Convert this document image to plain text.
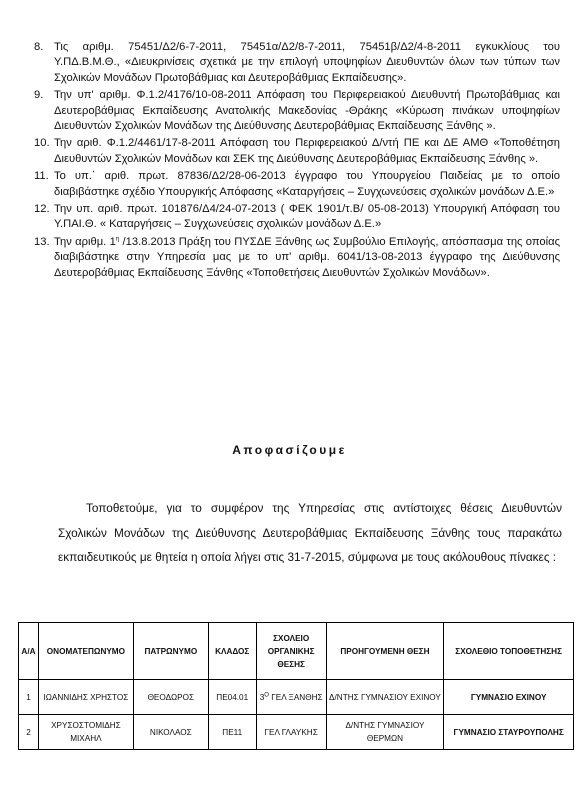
8. Τις αριθμ. 75451/Δ2/6-7-2011, 75451α/Δ2/8-7-2011, 75451β/Δ2/4-8-2011 εγκυκλίους του Υ.ΠΔ.Β.Μ.Θ., «Διευκρινίσεις σχετικά με την επιλογή υποψηφίων Διευθυντών όλων των τύπων των Σχολικών Μονάδων Πρωτοβάθμιας και Δευτεροβάθμιας Εκπαίδευσης».
9. Την υπ' αριθμ. Φ.1.2/4176/10-08-2011 Απόφαση του Περιφερειακού Διευθυντή Πρωτοβάθμιας και Δευτεροβάθμιας Εκπαίδευσης Ανατολικής Μακεδονίας -Θράκης «Κύρωση πινάκων υποψηφίων Διευθυντών Σχολικών Μονάδων της Διεύθυνσης Δευτεροβάθμιας Εκπαίδευσης Ξάνθης ».
10. Την αριθ. Φ.1.2/4461/17-8-2011 Απόφαση του Περιφερειακού Δ/ντή ΠΕ και ΔΕ ΑΜΘ «Τοποθέτηση Διευθυντών Σχολικών Μονάδων και ΣΕΚ της Διεύθυνσης Δευτεροβάθμιας Εκπαίδευσης Ξάνθης ».
11. Το υπ.΄ αριθ. πρωτ. 87836/Δ2/28-06-2013 έγγραφο του Υπουργείου Παιδείας με το οποίο διαβιβάστηκε σχέδιο Υπουργικής Απόφασης «Καταργήσεις – Συγχωνεύσεις σχολικών μονάδων Δ.Ε.»
12. Την υπ. αριθ. πρωτ. 101876/Δ4/24-07-2013 ( ΦΕΚ 1901/τ.Β/ 05-08-2013) Υπουργική Απόφαση του Υ.ΠΑΙ.Θ. « Καταργήσεις – Συγχωνεύσεις σχολικών μονάδων Δ.Ε.»
13. Την αριθμ. $1^\eta$ /13.8.2013 Πράξη του ΠΥΣΔΕ Ξάνθης ως Συμβούλιο Επιλογής, απόσπασμα της οποίας διαβιβάστηκε στην Υπηρεσία μας με το υπ' αριθμ. 6041/13-08-2013 έγγραφο της Διεύθυνσης Δευτεροβάθμιας Εκπαίδευσης Ξάνθης «Τοποθετήσεις Διευθυντών Σχολικών Μονάδων».
Αποφασίζουμε
Τοποθετούμε, για το συμφέρον της Υπηρεσίας στις αντίστοιχες θέσεις Διευθυντών Σχολικών Μονάδων της Διεύθυνσης Δευτεροβάθμιας Εκπαίδευσης Ξάνθης τους παρακάτω εκπαιδευτικούς με θητεία η οποία λήγει στις 31-7-2015, σύμφωνα με τους ακόλουθους πίνακες :
Α/Α	ΟΝΟΜΑΤΕΠΩΝΥΜΟ	ΠΑΤΡΩΝΥΜΟ	ΚΛΑΔΟΣ	ΣΧΟΛΕΙΟ ΟΡΓΑΝΙΚΗΣ ΘΕΣΗΣ	ΠΡΟΗΓΟΥΜΕΝΗ ΘΕΣΗ	ΣΧΟΛΕΘΙΟ ΤΟΠΟΘΕΤΗΣΗΣ
1	ΙΩΑΝΝΙΔΗΣ ΧΡΗΣΤΟΣ	ΘΕΟΔΩΡΟΣ	ΠΕ04.01	$3^O$ ΓΕΛ ΞΑΝΘΗΣ	Δ/ΝΤΗΣ ΓΥΜΝΑΣΙΟΥ ΕΧΙΝΟΥ	ΓΥΜΝΑΣΙΟ ΕΧΙΝΟΥ
2	ΧΡΥΣΟΣΤΟΜΙΔΗΣ ΜΙΧΑΗΛ	ΝΙΚΟΛΑΟΣ	ΠΕ11	ΓΕΛ ΓΛΑΥΚΗΣ	Δ/ΝΤΗΣ ΓΥΜΝΑΣΙΟΥ ΘΕΡΜΩΝ	ΓΥΜΝΑΣΙΟ ΣΤΑΥΡΟΥΠΟΛΗΣ
